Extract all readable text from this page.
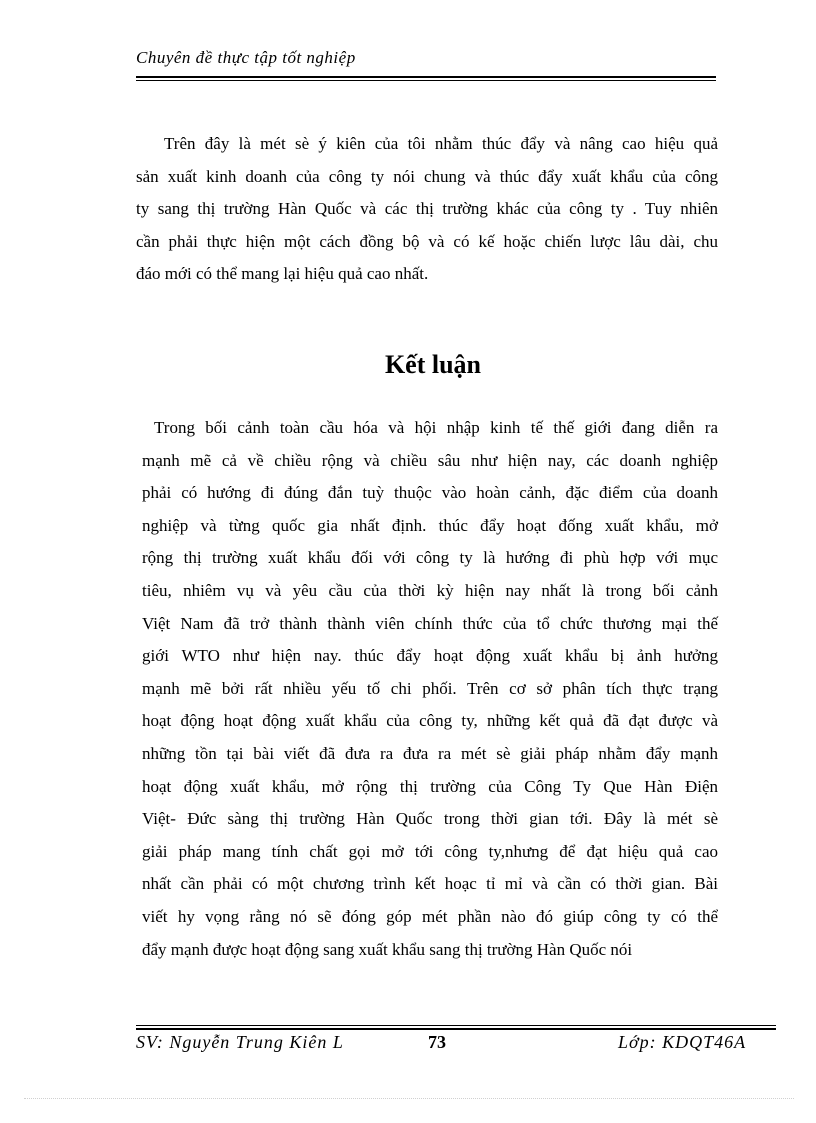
Chuyên đề thực tập tốt nghiệp
Trên đây là mét sè ý kiên của tôi nhằm thúc đẩy và nâng cao hiệu quả
sản xuất kinh doanh của công ty nói chung và thúc đẩy xuất khẩu của công
ty sang thị trường Hàn Quốc và các thị trường khác của công ty . Tuy nhiên
cần phải thực hiện một cách đồng bộ và có kế hoặc chiến lược lâu dài, chu
đáo mới có thể mang lại hiệu quả cao nhất.
Kết luận
Trong bối cảnh toàn cầu hóa và hội nhập kinh tế thế giới đang diễn ra
mạnh mẽ cả về chiều rộng và chiều sâu như hiện nay, các doanh nghiệp
phải có hướng đi đúng đắn tuỳ thuộc vào hoàn cảnh, đặc điểm của doanh
nghiệp và từng quốc gia nhất định. thúc đẩy hoạt đống xuất khẩu, mở
rộng thị trường xuất khẩu đối với công ty là hướng đi phù hợp với mục
tiêu, nhiêm vụ và yêu cầu của thời kỳ hiện nay nhất là trong bối cảnh
Việt Nam đã trở thành thành viên chính thức của tổ chức thương mại thế
giới WTO như hiện nay. thúc đẩy hoạt động xuất khẩu bị ảnh hưởng
mạnh mẽ bởi rất nhiều yếu tố chi phối. Trên cơ sở phân tích thực trạng
hoạt động hoạt động xuất khẩu của công ty, những kết quả đã đạt được và
những tồn tại bài viết đã đưa ra đưa ra mét sè giải pháp nhằm đẩy mạnh
hoạt động xuất khẩu, mở rộng thị trường của Công Ty Que Hàn Điện
Việt- Đức sàng thị trường Hàn Quốc trong thời gian tới. Đây là mét sè
giải pháp mang tính chất gọi mở tới công ty,nhưng để đạt hiệu quả cao
nhất cần phải có một chương trình kết hoạc tỉ mỉ và cần có thời gian. Bài
viết hy vọng rằng nó sẽ đóng góp mét phần nào đó giúp công ty có thể
đẩy mạnh được hoạt động sang xuất khẩu sang thị trường Hàn Quốc nói
SV: Nguyễn Trung Kiên L	73	Lớp: KDQT46A
